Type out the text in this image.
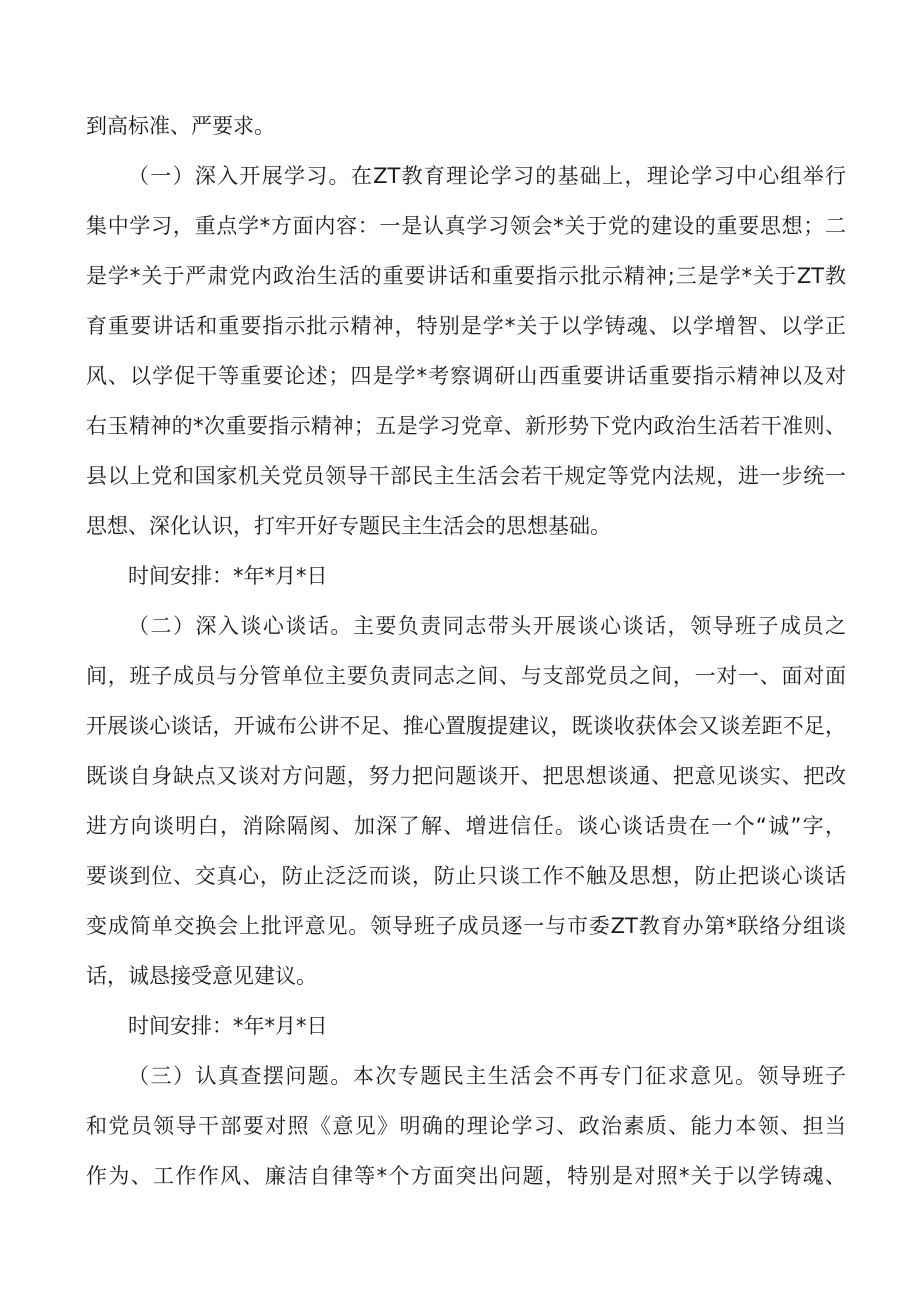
到高标准、严要求。
（一）深入开展学习。在ZT教育理论学习的基础上，理论学习中心组举行
集中学习，重点学*方面内容：一是认真学习领会*关于党的建设的重要思想；二
是学*关于严肃党内政治生活的重要讲话和重要指示批示精神;三是学*关于ZT教
育重要讲话和重要指示批示精神，特别是学*关于以学铸魂、以学增智、以学正
风、以学促干等重要论述；四是学*考察调研山西重要讲话重要指示精神以及对
右玉精神的*次重要指示精神；五是学习党章、新形势下党内政治生活若干准则、
县以上党和国家机关党员领导干部民主生活会若干规定等党内法规，进一步统一
思想、深化认识，打牢开好专题民主生活会的思想基础。
时间安排：*年*月*日
（二）深入谈心谈话。主要负责同志带头开展谈心谈话，领导班子成员之
间，班子成员与分管单位主要负责同志之间、与支部党员之间，一对一、面对面
开展谈心谈话，开诚布公讲不足、推心置腹提建议，既谈收获体会又谈差距不足，
既谈自身缺点又谈对方问题，努力把问题谈开、把思想谈通、把意见谈实、把改
进方向谈明白，消除隔阂、加深了解、增进信任。谈心谈话贵在一个“诚”字，
要谈到位、交真心，防止泛泛而谈，防止只谈工作不触及思想，防止把谈心谈话
变成简单交换会上批评意见。领导班子成员逐一与市委ZT教育办第*联络分组谈
话，诚恳接受意见建议。
时间安排：*年*月*日
（三）认真查摆问题。本次专题民主生活会不再专门征求意见。领导班子
和党员领导干部要对照《意见》明确的理论学习、政治素质、能力本领、担当
作为、工作作风、廉洁自律等*个方面突出问题，特别是对照*关于以学铸魂、
